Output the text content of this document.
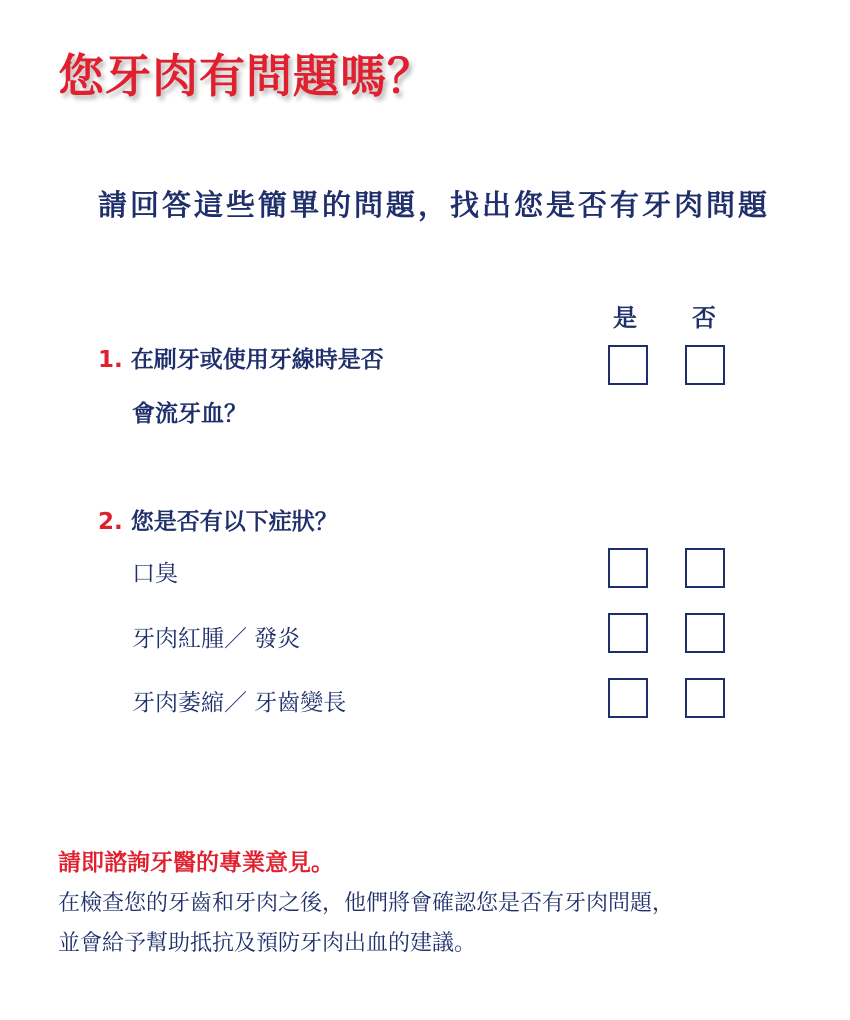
您牙肉有問題嗎？
請回答這些簡單的問題，找出您是否有牙肉問題
是 否
1. 在刷牙或使用牙線時是否
會流牙血？
2. 您是否有以下症狀？
口臭
牙肉紅腫／ 發炎
牙肉萎縮／ 牙齒變長
請即諮詢牙醫的專業意見。
在檢查您的牙齒和牙肉之後，他們將會確認您是否有牙肉問題，
並會給予幫助抵抗及預防牙肉出血的建議。
